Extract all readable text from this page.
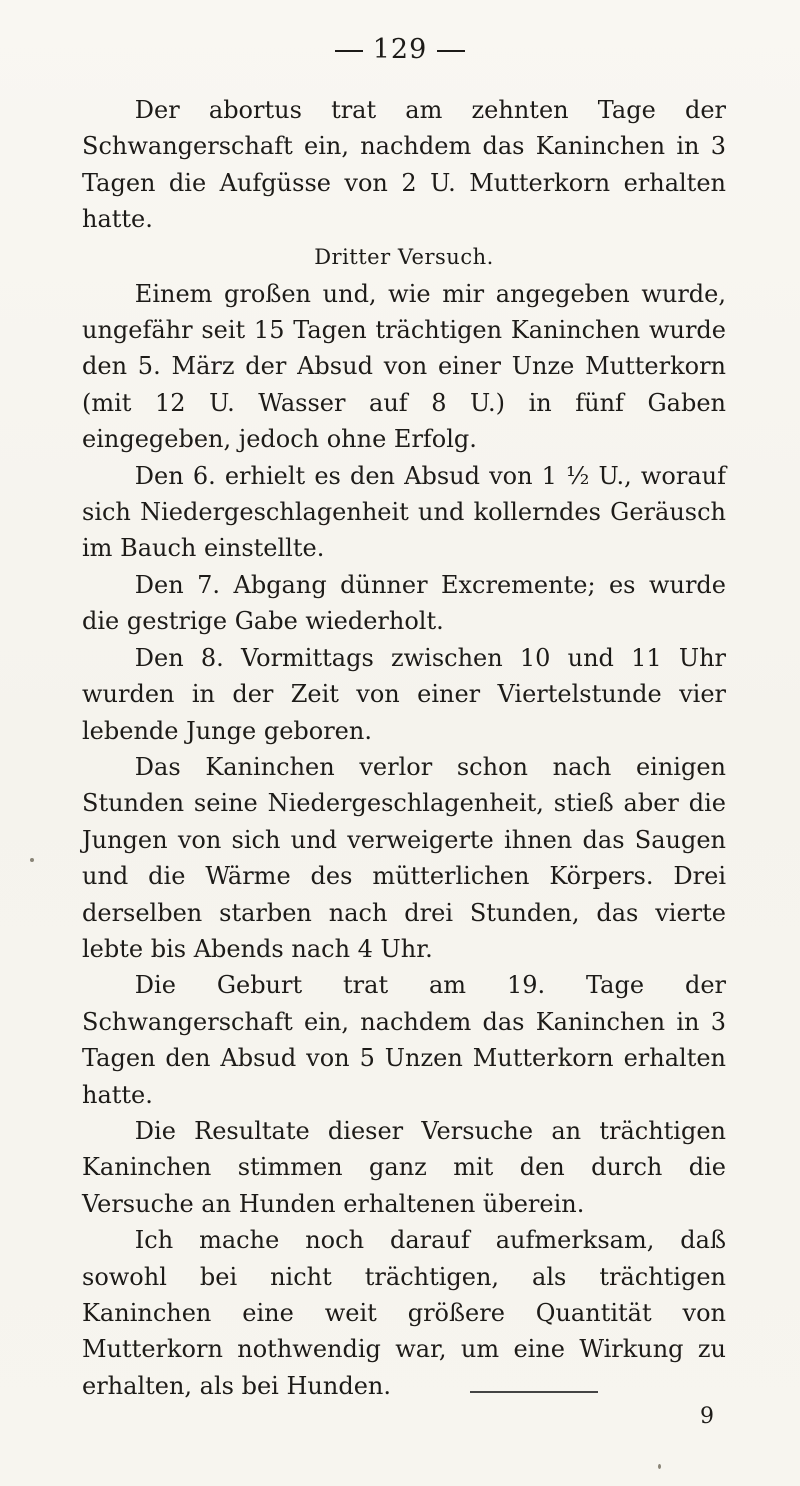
129

Der abortus trat am zehnten Tage der Schwangerschaft ein, nachdem das Kaninchen in 3 Tagen die Aufgüsse von 2 U. Mutterkorn erhalten hatte.

Dritter Versuch.

Einem großen und, wie mir angegeben wurde, ungefähr seit 15 Tagen trächtigen Kaninchen wurde den 5. März der Absud von einer Unze Mutterkorn (mit 12 U. Wasser auf 8 U.) in fünf Gaben eingegeben, jedoch ohne Erfolg.

Den 6. erhielt es den Absud von 1 ½ U., worauf sich Niedergeschlagenheit und kollerndes Geräusch im Bauch einstellte.

Den 7. Abgang dünner Excremente; es wurde die gestrige Gabe wiederholt.

Den 8. Vormittags zwischen 10 und 11 Uhr wurden in der Zeit von einer Viertelstunde vier lebende Junge geboren.

Das Kaninchen verlor schon nach einigen Stunden seine Niedergeschlagenheit, stieß aber die Jungen von sich und verweigerte ihnen das Saugen und die Wärme des mütterlichen Körpers. Drei derselben starben nach drei Stunden, das vierte lebte bis Abends nach 4 Uhr.

Die Geburt trat am 19. Tage der Schwangerschaft ein, nachdem das Kaninchen in 3 Tagen den Absud von 5 Unzen Mutterkorn erhalten hatte.

Die Resultate dieser Versuche an trächtigen Kaninchen stimmen ganz mit den durch die Versuche an Hunden erhaltenen überein.

Ich mache noch darauf aufmerksam, daß sowohl bei nicht trächtigen, als trächtigen Kaninchen eine weit größere Quantität von Mutterkorn nothwendig war, um eine Wirkung zu erhalten, als bei Hunden.

9
